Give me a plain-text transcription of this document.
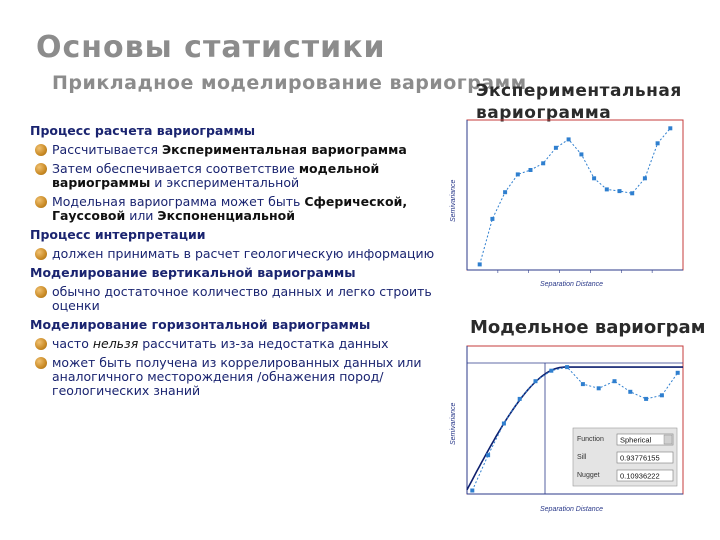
Основы статистики
Прикладное моделирование вариограмм
Экспериментальная
вариограмма
Модельное вариограм
Процесс расчета вариограммы
Рассчитывается Экспериментальная вариограмма
Затем обеспечивается соответствие модельной вариограммы и экспериментальной
Модельная вариограмма может быть Сферической, Гауссовой или Экспоненциальной
Процесс интерпретации
должен принимать в расчет геологическую информацию
Моделирование вертикальной вариограммы
обычно достаточное количество данных и легко строить оценки
Моделирование горизонтальной вариограммы
часто нельзя рассчитать из-за недостатка данных
может быть получена из коррелированных данных или аналогичного месторождения /обнажения пород/геологических знаний
Separation Distance
Semivariance
Separation Distance
Semivariance	Function Spherical
Sill	0.93776155
Nugget	0.10936222
